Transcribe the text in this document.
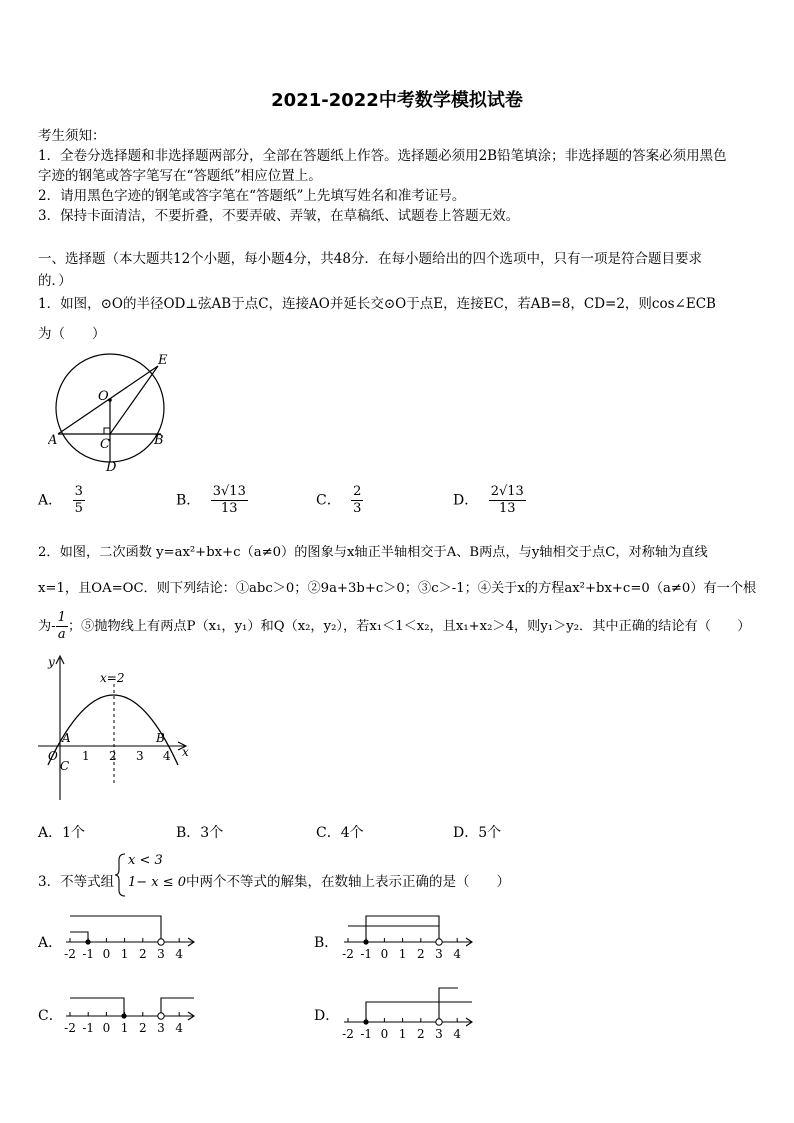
2021-2022中考数学模拟试卷
考生须知：
1．全卷分选择题和非选择题两部分，全部在答题纸上作答。选择题必须用2B铅笔填涂；非选择题的答案必须用黑色
字迹的钢笔或答字笔写在“答题纸”相应位置上。
2．请用黑色字迹的钢笔或答字笔在“答题纸”上先填写姓名和准考证号。
3．保持卡面清洁，不要折叠，不要弄破、弄皱，在草稿纸、试题卷上答题无效。
一、选择题（本大题共12个小题，每小题4分，共48分．在每小题给出的四个选项中，只有一项是符合题目要求
的．）
1．如图，⊙O的半径OD⊥弦AB于点C，连接AO并延长交⊙O于点E，连接EC，若AB=8，CD=2，则cos∠ECB
为（　　）
O
E
A	B
C
D
A． $\frac{3}{5}$	B． $\frac{3√13}{13}$	C． $\frac{2}{3}$	D． $\frac{2√13}{13}$
2．如图，二次函数 y=ax²+bx+c（a≠0）的图象与x轴正半轴相交于A、B两点，与y轴相交于点C，对称轴为直线
x=1，且OA=OC．则下列结论：①abc＞0；②9a+3b+c＞0；③c＞-1；④关于x的方程ax²+bx+c=0（a≠0）有一个根
为- $\frac{1}{a}$ ；⑤抛物线上有两点P（x₁，y₁）和Q（x₂，y₂），若x₁＜1＜x₂，且x₁+x₂＞4，则y₁＞y₂．其中正确的结论有（　　）
x=2
y
x
A	B
O
C
1 2 3 4
A．1个	B．3个	C．4个	D．5个
3．不等式组
x < 3
1− x ≤ 0 中两个不等式的解集，在数轴上表示正确的是（　　）
A．	B．
C．	D．
-2 -1 0 1 2 3 4	-2 -1 0 1 2 3 4
-2 -1 0 1 2 3 4	-2 -1 0 1 2 3 4
